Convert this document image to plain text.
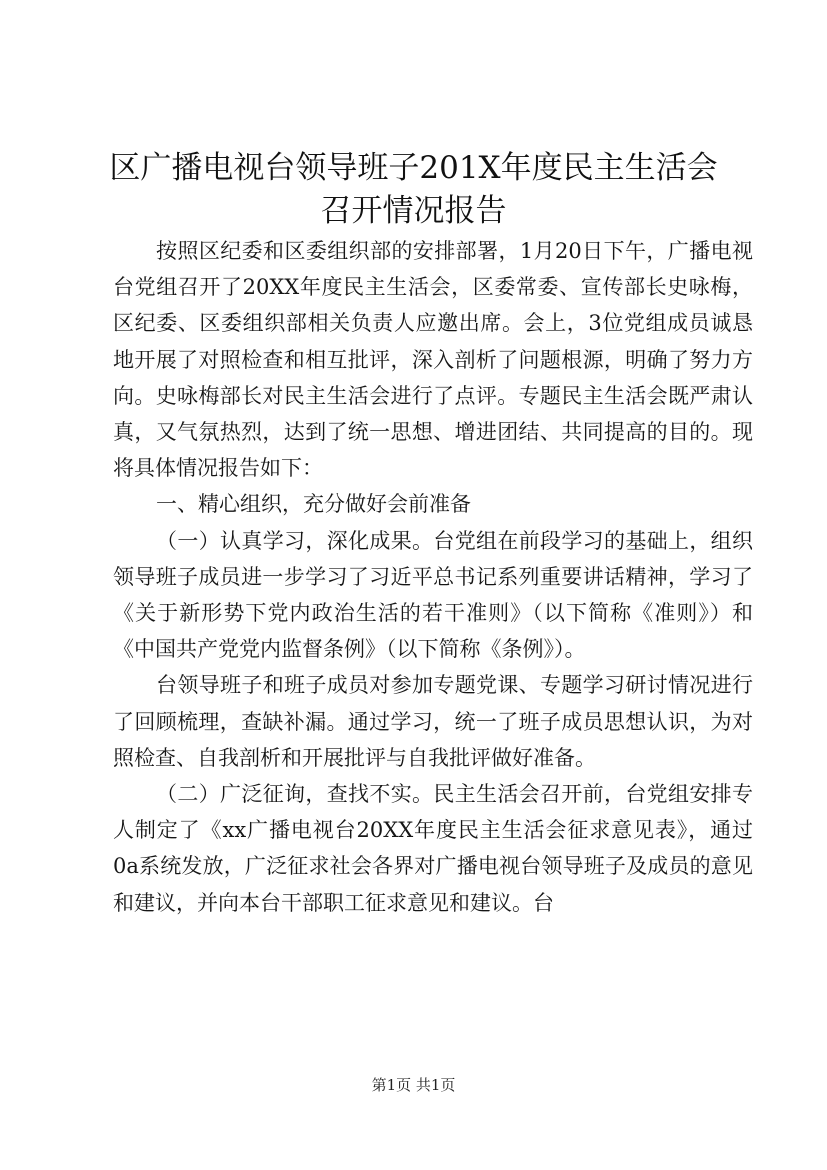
区广播电视台领导班子201X年度民主生活会
召开情况报告

按照区纪委和区委组织部的安排部署，1月20日下午，广播电视台党组召开了20XX年度民主生活会，区委常委、宣传部长史咏梅，区纪委、区委组织部相关负责人应邀出席。会上，3位党组成员诚恳地开展了对照检查和相互批评，深入剖析了问题根源，明确了努力方向。史咏梅部长对民主生活会进行了点评。专题民主生活会既严肃认真，又气氛热烈，达到了统一思想、增进团结、共同提高的目的。现将具体情况报告如下：

一、精心组织，充分做好会前准备

（一）认真学习，深化成果。台党组在前段学习的基础上，组织领导班子成员进一步学习了习近平总书记系列重要讲话精神，学习了《关于新形势下党内政治生活的若干准则》（以下简称《准则》）和《中国共产党党内监督条例》（以下简称《条例》）。

台领导班子和班子成员对参加专题党课、专题学习研讨情况进行了回顾梳理，查缺补漏。通过学习，统一了班子成员思想认识，为对照检查、自我剖析和开展批评与自我批评做好准备。

（二）广泛征询，查找不实。民主生活会召开前，台党组安排专人制定了《xx广播电视台20XX年度民主生活会征求意见表》，通过0a系统发放，广泛征求社会各界对广播电视台领导班子及成员的意见和建议，并向本台干部职工征求意见和建议。台

第1页 共1页
